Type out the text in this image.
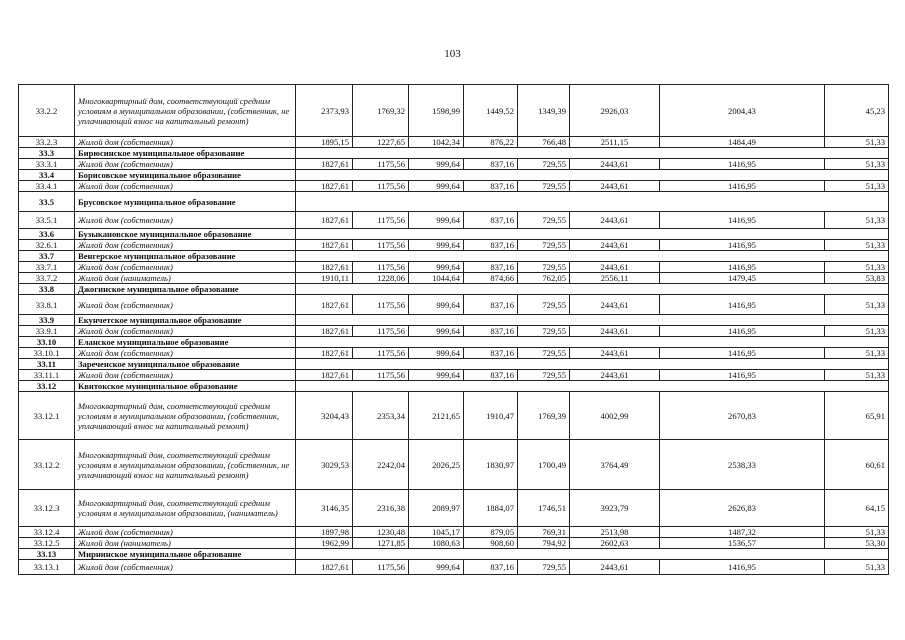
103
33.2.2	Многоквартирный дом, соответствующий средним условиям в муниципальном образовании, (собственник, не уплачивающий взнос на капитальный ремонт)	2373,93	1769,32	1598,99	1449,52	1349,39	2926,03	2004,43	45,23
33.2.3	Жилой дом (собственник)	1895,15	1227,65	1042,34	876,22	766,48	2511,15	1484,49	51,33
33.3	Бирюсинское муниципальное образование								
33.3.1	Жилой дом (собственник)	1827,61	1175,56	999,64	837,16	729,55	2443,61	1416,95	51,33
33.4	Борисовское муниципальное образование								
33.4.1	Жилой дом (собственник)	1827,61	1175,56	999,64	837,16	729,55	2443,61	1416,95	51,33
33.5	Брусовское муниципальное образование								
33.5.1	Жилой дом (собственник)	1827,61	1175,56	999,64	837,16	729,55	2443,61	1416,95	51,33
33.6	Бузыкановское муниципальное образование								
32.6.1	Жилой дом (собственник)	1827,61	1175,56	999,64	837,16	729,55	2443,61	1416,95	51,33
33.7	Венгерское муниципальное образование								
33.7.1	Жилой дом (собственник)	1827,61	1175,56	999,64	837,16	729,55	2443,61	1416,95	51,33
33.7.2	Жилой дом (наниматель)	1910,11	1228,06	1044,64	874,66	762,05	2556,11	1479,45	53,83
33.8	Джогинское муниципальное образование								
33.8.1	Жилой дом (собственник)	1827,61	1175,56	999,64	837,16	729,55	2443,61	1416,95	51,33
33.9	Екунчетское муниципальное образование								
33.9.1	Жилой дом (собственник)	1827,61	1175,56	999,64	837,16	729,55	2443,61	1416,95	51,33
33.10	Еланское муниципальное образование								
33.10.1	Жилой дом (собственник)	1827,61	1175,56	999,64	837,16	729,55	2443,61	1416,95	51,33
33.11	Зареченское муниципальное образование								
33.11.1	Жилой дом (собственник)	1827,61	1175,56	999,64	837,16	729,55	2443,61	1416,95	51,33
33.12	Квитокское муниципальное образование								
33.12.1	Многоквартирный дом, соответствующий средним условиям в муниципальном образовании, (собственник, уплачивающий взнос на капитальный ремонт)	3204,43	2353,34	2121,65	1910,47	1769,39	4002,99	2670,83	65,91
33.12.2	Многоквартирный дом, соответствующий средним условиям в муниципальном образовании, (собственник, не уплачивающий взнос на капитальный ремонт)	3029,53	2242,04	2026,25	1830,97	1700,49	3764,49	2538,33	60,61
33.12.3	Многоквартирный дом, соответствующий средним условиям в муниципальном образовании, (наниматель)	3146,35	2316,38	2089,97	1884,07	1746,51	3923,79	2626,83	64,15
33.12.4	Жилой дом (собственник)	1897,98	1230,48	1045,17	879,05	769,31	2513,98	1487,32	51,33
33.12.5	Жилой дом (наниматель)	1962,99	1271,85	1080,63	908,60	794,92	2602,63	1536,57	53,30
33.13	Мирнинское муниципальное образование								
33.13.1	Жилой дом (собственник)	1827,61	1175,56	999,64	837,16	729,55	2443,61	1416,95	51,33
